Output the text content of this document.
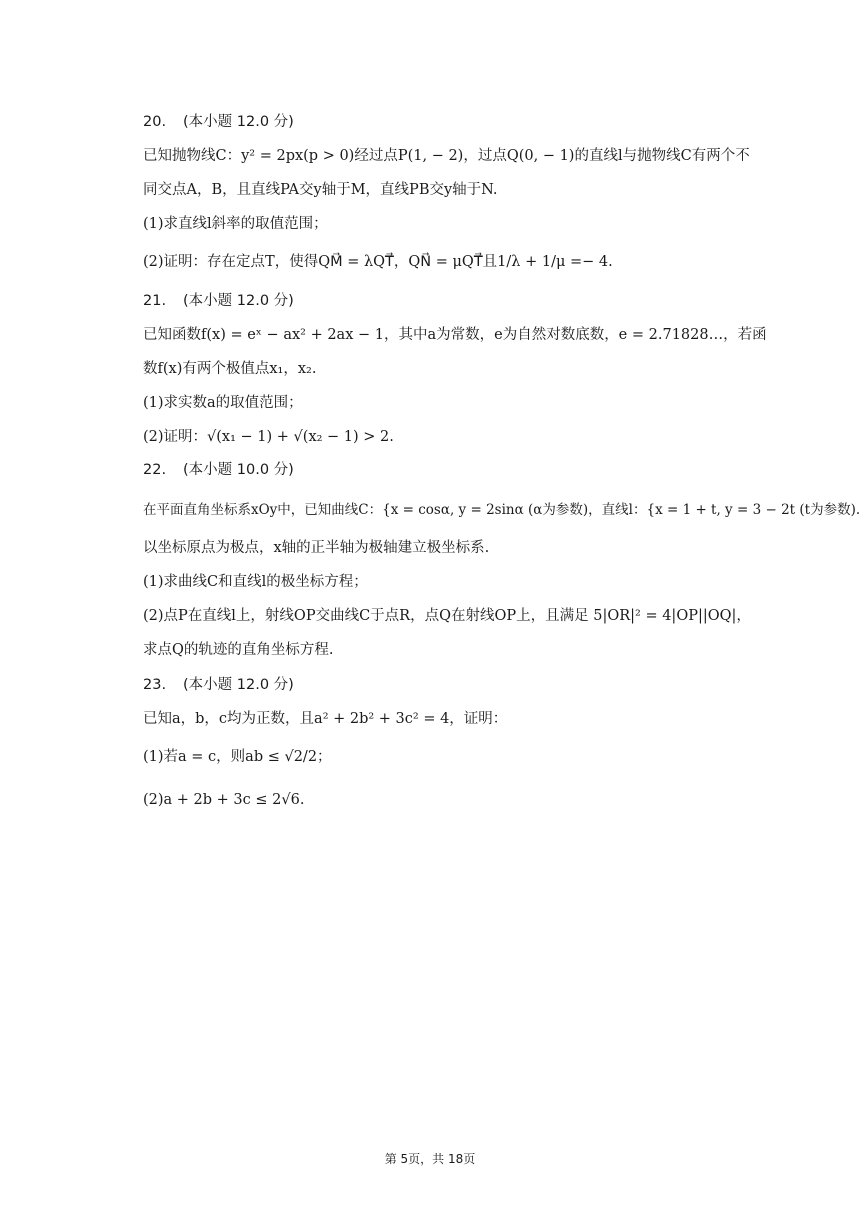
20. (本小题 12.0 分)
已知抛物线C：y² = 2px(p > 0)经过点P(1, − 2)，过点Q(0, − 1)的直线l与抛物线C有两个不
同交点A，B，且直线PA交y轴于M，直线PB交y轴于N.
(1)求直线l斜率的取值范围；
(2)证明：存在定点T，使得QM⃗ = λQT⃗，QN⃗ = μQT⃗且1/λ + 1/μ =− 4.
21. (本小题 12.0 分)
已知函数f(x) = eˣ − ax² + 2ax − 1，其中a为常数，e为自然对数底数，e = 2.71828…，若函
数f(x)有两个极值点x₁，x₂.
(1)求实数a的取值范围；
(2)证明：√(x₁ − 1) + √(x₂ − 1) > 2.
22. (本小题 10.0 分)
在平面直角坐标系xOy中，已知曲线C：{x = cosα, y = 2sinα (α为参数)，直线l：{x = 1 + t, y = 3 − 2t (t为参数).
以坐标原点为极点，x轴的正半轴为极轴建立极坐标系.
(1)求曲线C和直线l的极坐标方程；
(2)点P在直线l上，射线OP交曲线C于点R，点Q在射线OP上，且满足 5|OR|² = 4|OP||OQ|，
求点Q的轨迹的直角坐标方程.
23. (本小题 12.0 分)
已知a，b，c均为正数，且a² + 2b² + 3c² = 4，证明：
(1)若a = c，则ab ≤ √2/2；
(2)a + 2b + 3c ≤ 2√6.
第 5页，共 18页
